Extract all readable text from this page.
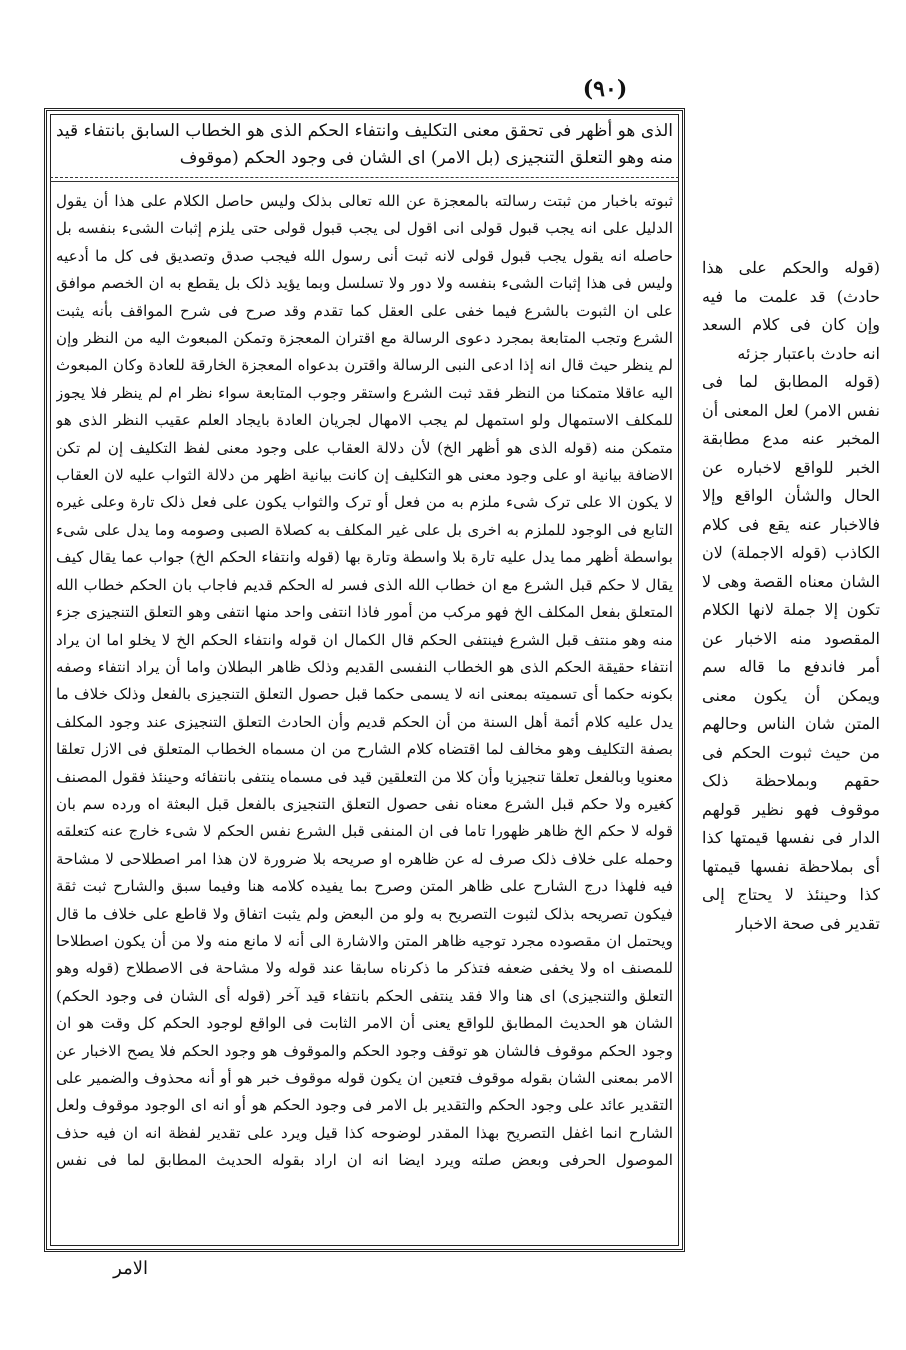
(۹۰)
الذی هو أظهر فی تحقق معنی التکلیف وانتفاء الحکم الذی هو الخطاب السابق بانتفاء قید منه وهو التعلق التنجیزی (بل الامر) ای الشان فی وجود الحکم (موقوف

ثبوته باخبار من ثبتت رسالته بالمعجزة عن الله تعالی بذلک ولیس حاصل الکلام علی هذا أن یقول الدلیل علی انه یجب قبول قولی انی اقول لی یجب قبول قولی حتی یلزم إثبات الشیء بنفسه بل حاصله انه یقول یجب قبول قولی لانه ثبت أنی رسول الله فیجب صدق وتصدیق فی کل ما أدعیه ولیس فی هذا إثبات الشیء بنفسه ولا دور ولا تسلسل وبما یؤید ذلک بل یقطع به ان الخصم موافق علی ان الثبوت بالشرع فیما خفی علی العقل کما تقدم وقد صرح فی شرح المواقف بأنه یثبت الشرع وتجب المتابعة بمجرد دعوی الرسالة مع اقتران المعجزة وتمکن المبعوث الیه من النظر وإن لم ینظر حیث قال انه إذا ادعی النبی الرسالة واقترن بدعواه المعجزة الخارقة للعادة وکان المبعوث الیه عاقلا متمکنا من النظر فقد ثبت الشرع واستقر وجوب المتابعة سواء نظر ام لم ینظر فلا یجوز للمکلف الاستمهال ولو استمهل لم یجب الامهال لجریان العادة بایجاد العلم عقیب النظر الذی هو متمکن منه (قوله الذی هو أظهر الخ) لأن دلالة العقاب علی وجود معنی لفظ التکلیف إن لم تکن الاضافة بیانیة او علی وجود معنی هو التکلیف إن کانت بیانیة اظهر من دلالة الثواب علیه لان العقاب لا یکون الا علی ترک شیء ملزم به من فعل أو ترک والثواب یکون علی فعل ذلک تارة وعلی غیره التابع فی الوجود للملزم به اخری بل علی غیر المکلف به کصلاة الصبی وصومه وما یدل علی شیء بواسطة أظهر مما یدل علیه تارة بلا واسطة وتارة بها (قوله وانتفاء الحکم الخ) جواب عما یقال کیف یقال لا حکم قبل الشرع مع ان خطاب الله الذی فسر له الحکم قدیم فاجاب بان الحکم خطاب الله المتعلق بفعل المکلف الخ فهو مرکب من أمور فاذا انتفی واحد منها انتفی وهو التعلق التنجیزی جزء منه وهو منتف قبل الشرع فینتفی الحکم قال الکمال ان قوله وانتفاء الحکم الخ لا یخلو اما ان یراد انتفاء حقیقة الحکم الذی هو الخطاب النفسی القدیم وذلک ظاهر البطلان واما أن یراد انتفاء وصفه بکونه حکما أی تسمیته بمعنی انه لا یسمی حکما قبل حصول التعلق التنجیزی بالفعل وذلک خلاف ما یدل علیه کلام أئمة أهل السنة من أن الحکم قدیم وأن الحادث التعلق التنجیزی عند وجود المکلف بصفة التکلیف وهو مخالف لما اقتضاه کلام الشارح من ان مسماه الخطاب المتعلق فی الازل تعلقا معنویا وبالفعل تعلقا تنجیزیا وأن کلا من التعلقین قید فی مسماه ینتفی بانتفائه وحینئذ فقول المصنف کغیره ولا حکم قبل الشرع معناه نفی حصول التعلق التنجیزی بالفعل قبل البعثة اه ورده سم بان قوله لا حکم الخ ظاهر ظهورا تاما فی ان المنفی قبل الشرع نفس الحکم لا شیء خارج عنه کتعلقه وحمله علی خلاف ذلک صرف له عن ظاهره او صریحه بلا ضرورة لان هذا امر اصطلاحی لا مشاحة فیه فلهذا درج الشارح علی ظاهر المتن وصرح بما یفیده کلامه هنا وفیما سبق والشارح ثبت ثقة فیکون تصریحه بذلک لثبوت التصریح به ولو من البعض ولم یثبت اتفاق ولا قاطع علی خلاف ما قال ویحتمل ان مقصوده مجرد توجیه ظاهر المتن والاشارة الی أنه لا مانع منه ولا من أن یکون اصطلاحا للمصنف اه ولا یخفی ضعفه فتذکر ما ذکرناه سابقا عند قوله ولا مشاحة فی الاصطلاح (قوله وهو التعلق والتنجیزی) ای هنا والا فقد ینتفی الحکم بانتفاء قید آخر (قوله أی الشان فی وجود الحکم) الشان هو الحدیث المطابق للواقع یعنی أن الامر الثابت فی الواقع لوجود الحکم کل وقت هو ان وجود الحکم موقوف فالشان هو توقف وجود الحکم والموقوف هو وجود الحکم فلا یصح الاخبار عن الامر بمعنی الشان بقوله موقوف فتعین ان یکون قوله موقوف خبر هو أو أنه محذوف والضمیر علی التقدیر عائد علی وجود الحکم والتقدیر بل الامر فی وجود الحکم هو أو انه ای الوجود موقوف ولعل الشارح انما اغفل التصریح بهذا المقدر لوضوحه کذا قیل ویرد علی تقدیر لفظة انه ان فیه حذف الموصول الحرفی وبعض صلته ویرد ایضا انه ان اراد بقوله الحدیث المطابق لما فی نفس

(قوله والحکم علی هذا حادث) قد علمت ما فیه وإن کان فی کلام السعد انه حادث باعتبار جزئه

(قوله المطابق لما فی نفس الامر) لعل المعنی أن المخبر عنه مدع مطابقة الخبر للواقع لاخباره عن الحال والشأن الواقع وإلا فالاخبار عنه یقع فی کلام الکاذب (قوله الاجملة) لان الشان معناه القصة وهی لا تکون إلا جملة لانها الکلام المقصود منه الاخبار عن أمر فاندفع ما قاله سم ویمکن أن یکون معنی المتن شان الناس وحالهم من حیث ثبوت الحکم فی حقهم وبملاحظة ذلک موقوف فهو نظیر قولهم الدار فی نفسها قیمتها کذا أی بملاحظة نفسها قیمتها کذا وحینئذ لا یحتاج إلی تقدیر فی صحة الاخبار

الامر
